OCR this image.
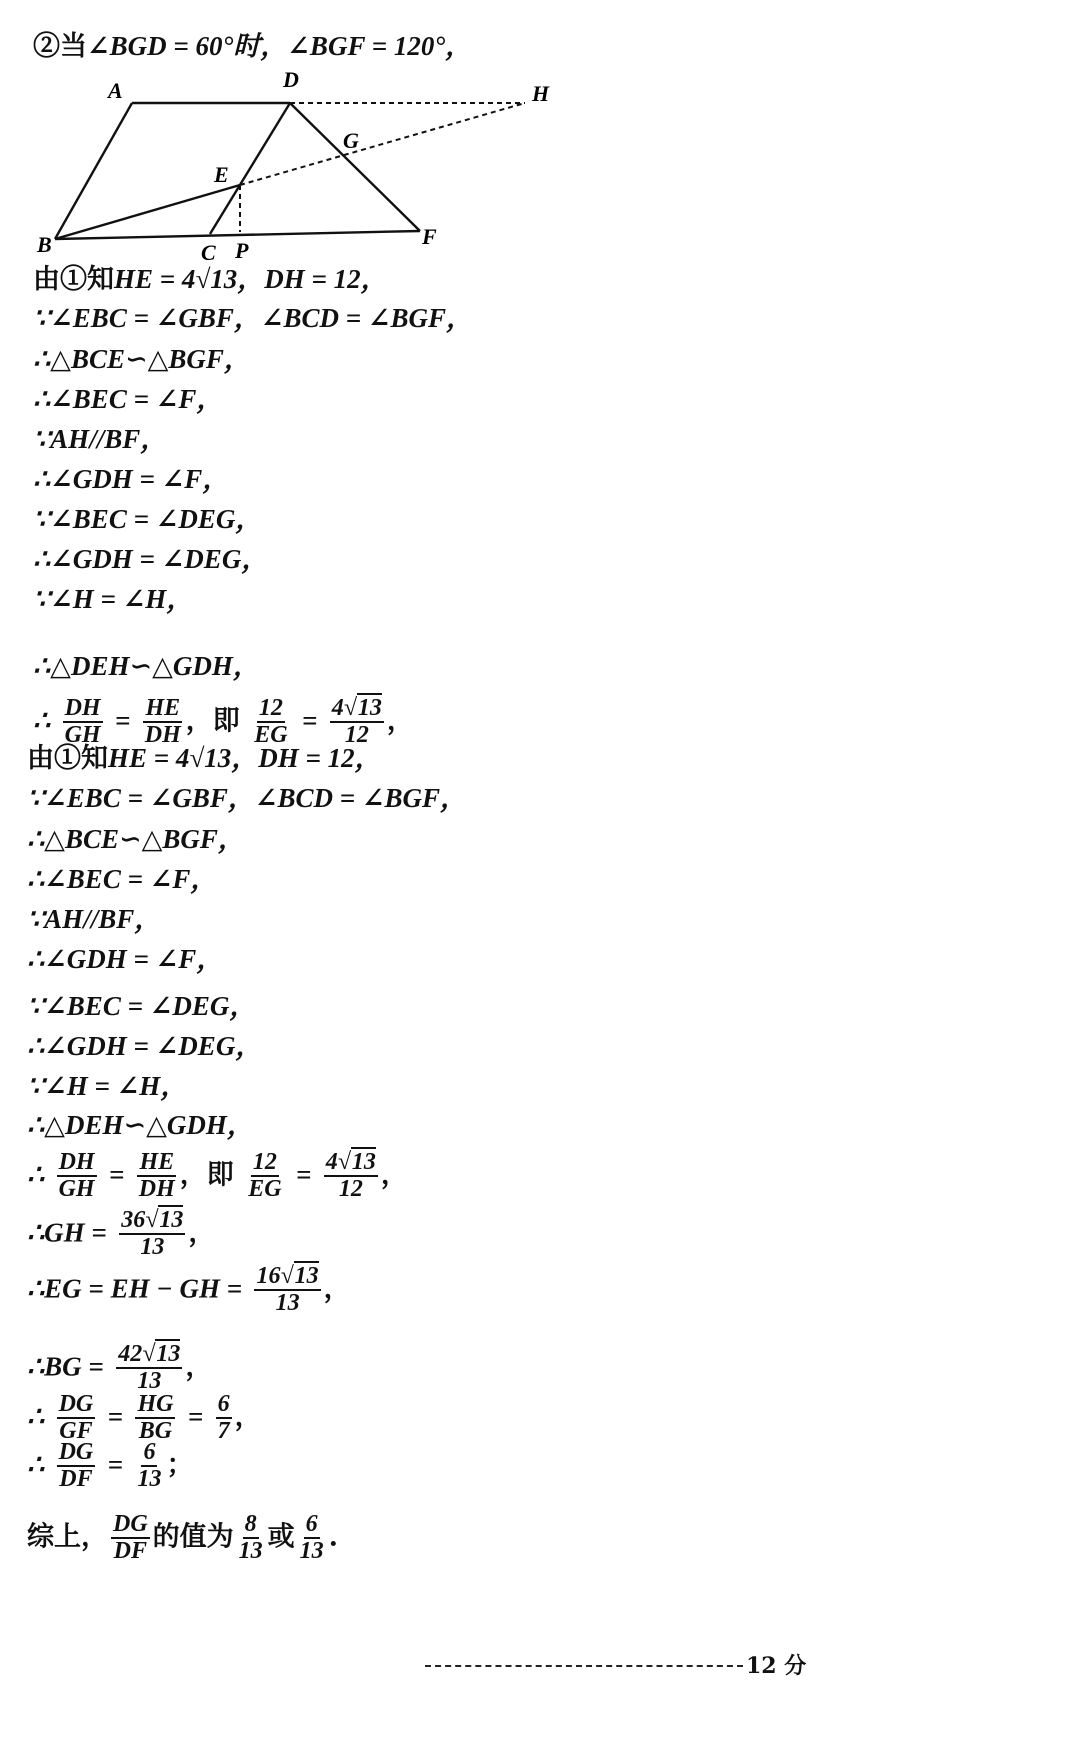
②当∠BGD = 60°时，∠BGF = 120°，
A	D
H
G
E
B	C P
F
由①知HE = 4√13，DH = 12，
∵∠EBC = ∠GBF，∠BCD = ∠BGF，
∴△BCE∽△BGF，
∴∠BEC = ∠F，
∵AH//BF，
∴∠GDH = ∠F，
∵∠BEC = ∠DEG，
∴∠GDH = ∠DEG，
∵∠H = ∠H，
∴△DEH∽△GDH，
∴ $\frac{DH}{GH} = \frac{HE}{DH}$ ，即 $\frac{12}{EG} = \frac{4√13}{12}$ ，
由①知HE = 4√13，DH = 12，
∵∠EBC = ∠GBF，∠BCD = ∠BGF，
∴△BCE∽△BGF，
∴∠BEC = ∠F，
∵AH//BF，
∴∠GDH = ∠F，
∵∠BEC = ∠DEG，
∴∠GDH = ∠DEG，
∵∠H = ∠H，
∴△DEH∽△GDH，
∴ $\frac{DH}{GH} = \frac{HE}{DH}$ ，即 $\frac{12}{EG} = \frac{4√13}{12}$ ，
∴GH = $\frac{36√13}{13}$ ，
∴EG = EH − GH = $\frac{16√13}{13}$ ，
∴BG = $\frac{42√13}{13}$ ，
∴ $\frac{DG}{GF} = \frac{HG}{BG} = \frac{6}{7}$ ，
∴ $\frac{DG}{DF} = \frac{6}{13}$ ；
12 分
综上， $\frac{DG}{DF}$ 的值为 $\frac{8}{13}$ 或 $\frac{6}{13}$ .
